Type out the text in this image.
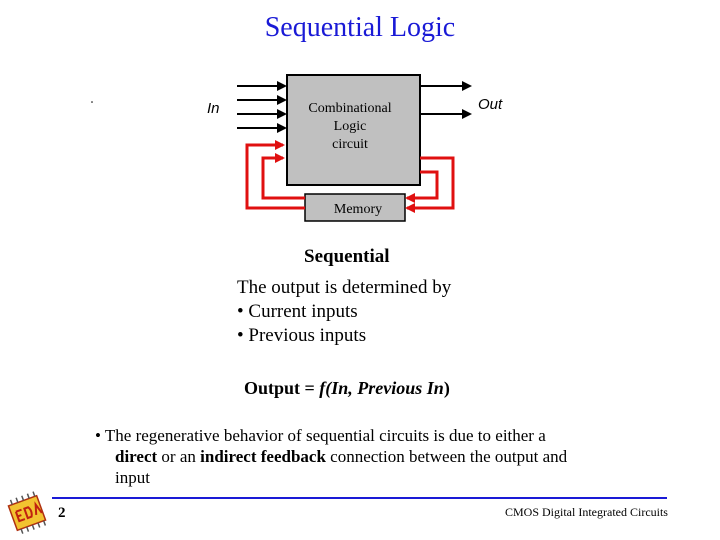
Sequential Logic
In	Out
Combinational
Logic
circuit
Memory
Sequential
The output is determined by
• Current inputs
• Previous inputs
Output = f(In, Previous In)
• The regenerative behavior of sequential circuits is due to either a
direct or an indirect feedback connection between the output and
input
2	CMOS Digital Integrated Circuits
